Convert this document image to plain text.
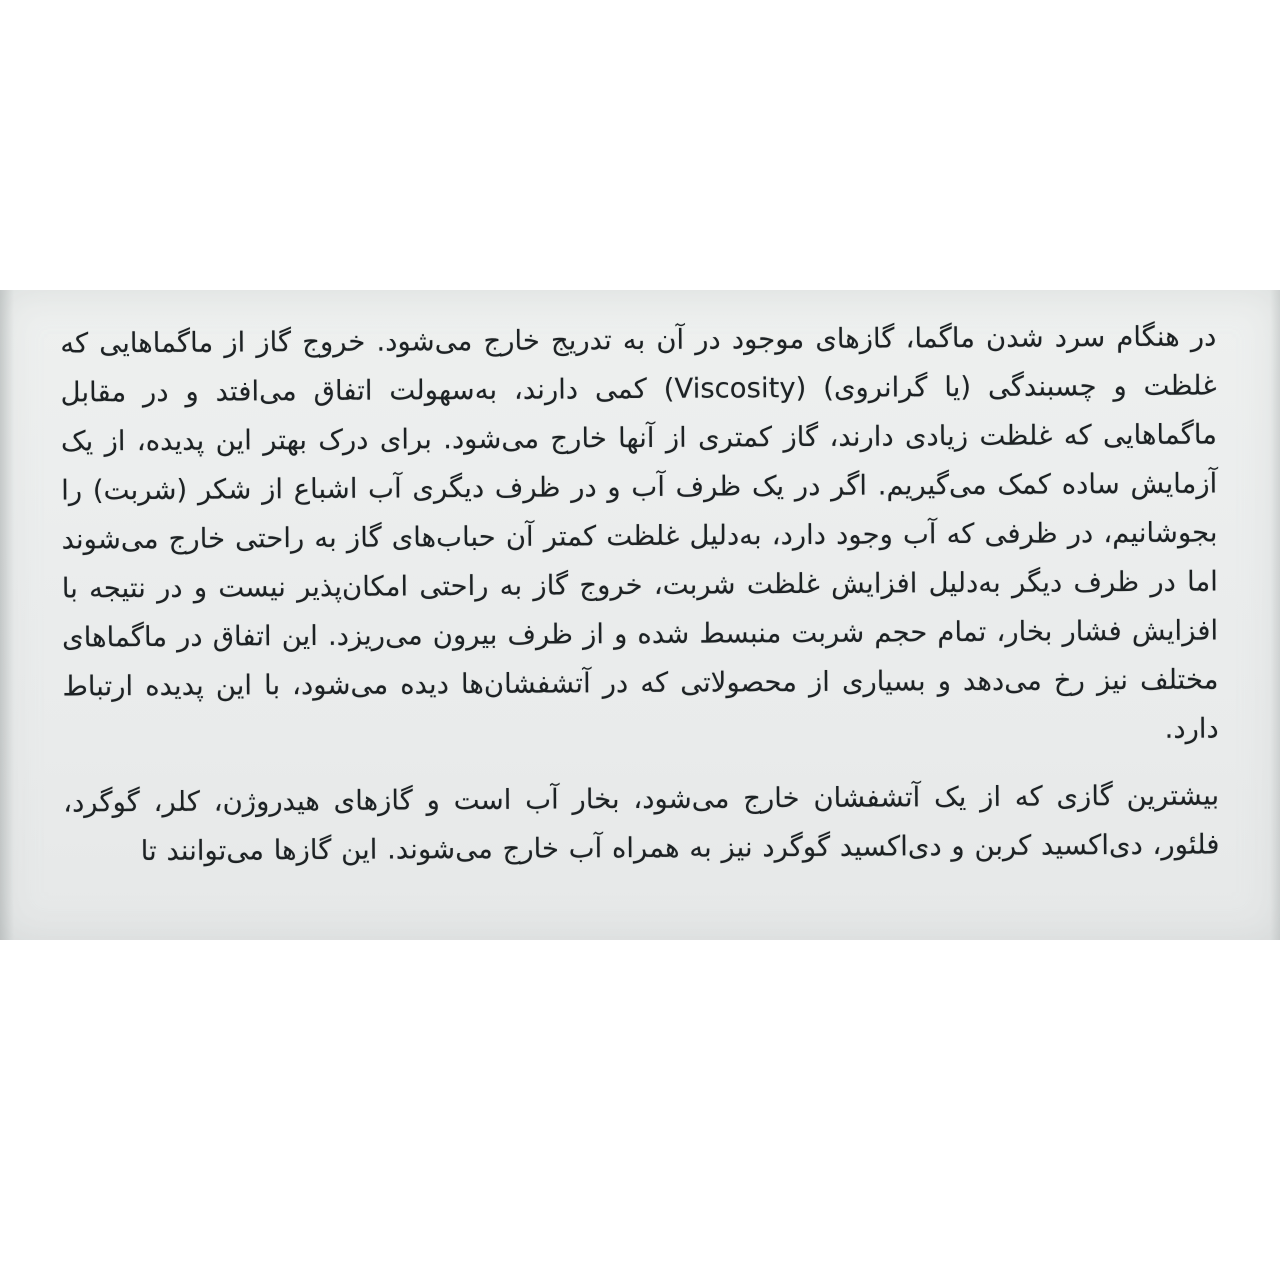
در هنگام سرد شدن ماگما، گازهای موجود در آن به تدریج خارج می‌شود. خروج گاز از ماگماهایی که غلظت و چسبندگی (یا گرانروی) (Viscosity) کمی دارند، به‌سهولت اتفاق می‌افتد و در مقابل ماگماهایی که غلظت زیادی دارند، گاز کمتری از آنها خارج می‌شود. برای درک بهتر این پدیده، از یک آزمایش ساده کمک می‌گیریم. اگر در یک ظرف آب و در ظرف دیگری آب اشباع از شکر (شربت) را بجوشانیم، در ظرفی که آب وجود دارد، به‌دلیل غلظت کمتر آن حباب‌های گاز به راحتی خارج می‌شوند اما در ظرف دیگر به‌دلیل افزایش غلظت شربت، خروج گاز به راحتی امکان‌پذیر نیست و در نتیجه با افزایش فشار بخار، تمام حجم شربت منبسط شده و از ظرف بیرون می‌ریزد. این اتفاق در ماگماهای مختلف نیز رخ می‌دهد و بسیاری از محصولاتی که در آتشفشان‌ها دیده می‌شود، با این پدیده ارتباط دارد.

بیشترین گازی که از یک آتشفشان خارج می‌شود، بخار آب است و گازهای هیدروژن، کلر، گوگرد، فلئور، دی‌اکسید کربن و دی‌اکسید گوگرد نیز به همراه آب خارج می‌شوند. این گازها می‌توانند تا
